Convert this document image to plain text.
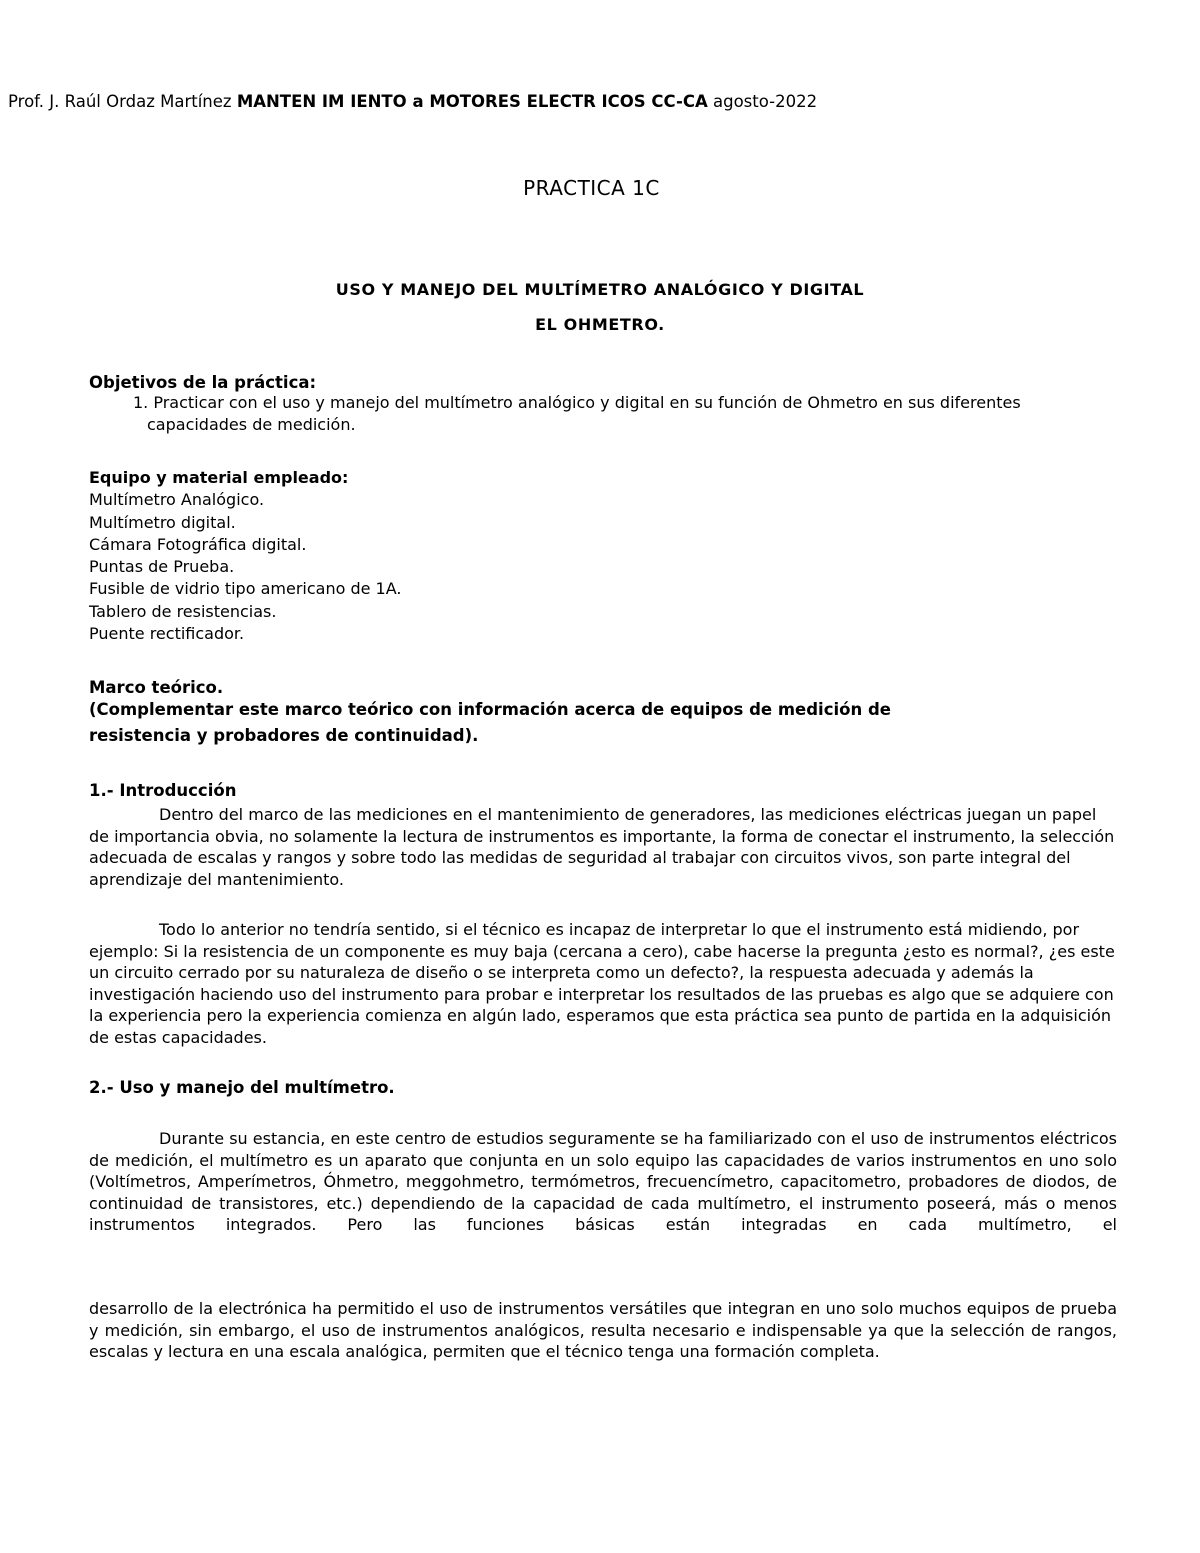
Prof. J. Raúl Ordaz Martínez MANTEN IM IENTO a MOTORES ELECTR ICOS CC-CA agosto-2022
PRACTICA 1C
USO Y MANEJO DEL MULTÍMETRO ANALÓGICO Y DIGITAL
EL OHMETRO.
Objetivos de la práctica:
1. Practicar con el uso y manejo del multímetro analógico y digital en su función de Ohmetro en sus diferentes capacidades de medición.
Equipo y material empleado:
Multímetro Analógico.
Multímetro digital.
Cámara Fotográfica digital.
Puntas de Prueba.
Fusible de vidrio tipo americano de 1A.
Tablero de resistencias.
Puente rectificador.
Marco teórico.
(Complementar este marco teórico con información acerca de equipos de medición de resistencia y probadores de continuidad).
1.- Introducción
Dentro del marco de las mediciones en el mantenimiento de generadores, las mediciones eléctricas juegan un papel de importancia obvia, no solamente la lectura de instrumentos es importante, la forma de conectar el instrumento, la selección adecuada de escalas y rangos y sobre todo las medidas de seguridad al trabajar con circuitos vivos, son parte integral del aprendizaje del mantenimiento.
Todo lo anterior no tendría sentido, si el técnico es incapaz de interpretar lo que el instrumento está midiendo, por ejemplo: Si la resistencia de un componente es muy baja (cercana a cero), cabe hacerse la pregunta ¿esto es normal?, ¿es este un circuito cerrado por su naturaleza de diseño o se interpreta como un defecto?, la respuesta adecuada y además la investigación haciendo uso del instrumento para probar e interpretar los resultados de las pruebas es algo que se adquiere con la experiencia pero la experiencia comienza en algún lado, esperamos que esta práctica sea punto de partida en la adquisición de estas capacidades.
2.- Uso y manejo del multímetro.
Durante su estancia, en este centro de estudios seguramente se ha familiarizado con el uso de instrumentos eléctricos de medición, el multímetro es un aparato que conjunta en un solo equipo las capacidades de varios instrumentos en uno solo (Voltímetros, Amperímetros, Óhmetro, meggohmetro, termómetros, frecuencímetro, capacitometro, probadores de diodos, de continuidad de transistores, etc.) dependiendo de la capacidad de cada multímetro, el instrumento poseerá, más o menos instrumentos integrados. Pero las funciones básicas están integradas en cada multímetro, el
desarrollo de la electrónica ha permitido el uso de instrumentos versátiles que integran en uno solo muchos equipos de prueba y medición, sin embargo, el uso de instrumentos analógicos, resulta necesario e indispensable ya que la selección de rangos, escalas y lectura en una escala analógica, permiten que el técnico tenga una formación completa.
